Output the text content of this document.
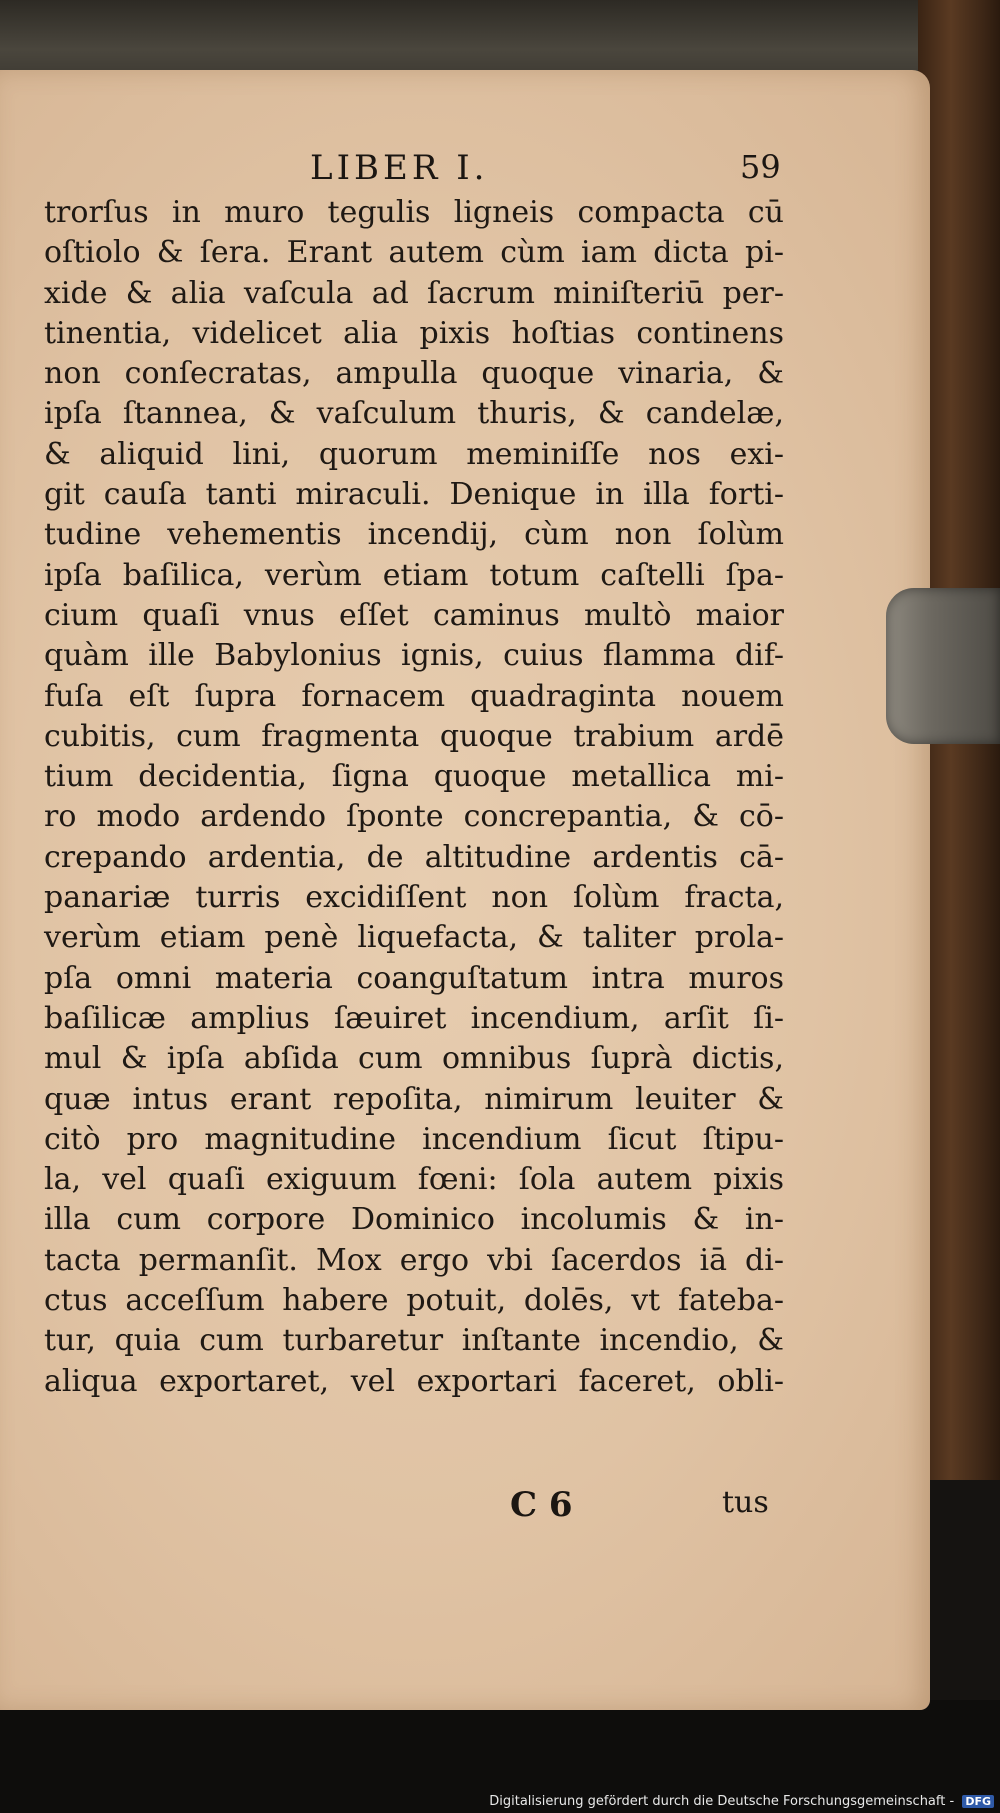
LIBER I.	59
trorſus in muro tegulis ligneis compacta cū
oſtiolo & ſera. Erant autem cùm iam dicta pi-
xide & alia vaſcula ad ſacrum miniſteriū per-
tinentia, videlicet alia pixis hoſtias continens
non conſecratas, ampulla quoque vinaria, &
ipſa ſtannea, & vaſculum thuris, & candelæ,
& aliquid lini, quorum meminiſſe nos exi-
git cauſa tanti miraculi. Denique in illa forti-
tudine vehementis incendij, cùm non ſolùm
ipſa baſilica, verùm etiam totum caſtelli ſpa-
cium quaſi vnus eſſet caminus multò maior
quàm ille Babylonius ignis, cuius flamma dif-
fuſa eſt ſupra fornacem quadraginta nouem
cubitis, cum fragmenta quoque trabium ardē
tium decidentia, ſigna quoque metallica mi-
ro modo ardendo ſponte concrepantia, & cō-
crepando ardentia, de altitudine ardentis cā-
panariæ turris excidiſſent non ſolùm fracta,
verùm etiam penè liquefacta, & taliter prola-
pſa omni materia coanguſtatum intra muros
baſilicæ amplius ſæuiret incendium, arſit ſi-
mul & ipſa abſida cum omnibus ſuprà dictis,
quæ intus erant repoſita, nimirum leuiter &
citò pro magnitudine incendium ſicut ſtipu-
la, vel quaſi exiguum fœni: ſola autem pixis
illa cum corpore Dominico incolumis & in-
tacta permanſit. Mox ergo vbi ſacerdos iā di-
ctus acceſſum habere potuit, dolēs, vt fateba-
tur, quia cum turbaretur inſtante incendio, &
aliqua exportaret, vel exportari faceret, obli-
C 6	tus
Digitalisierung gefördert durch die Deutsche Forschungsgemeinschaft - DFG
